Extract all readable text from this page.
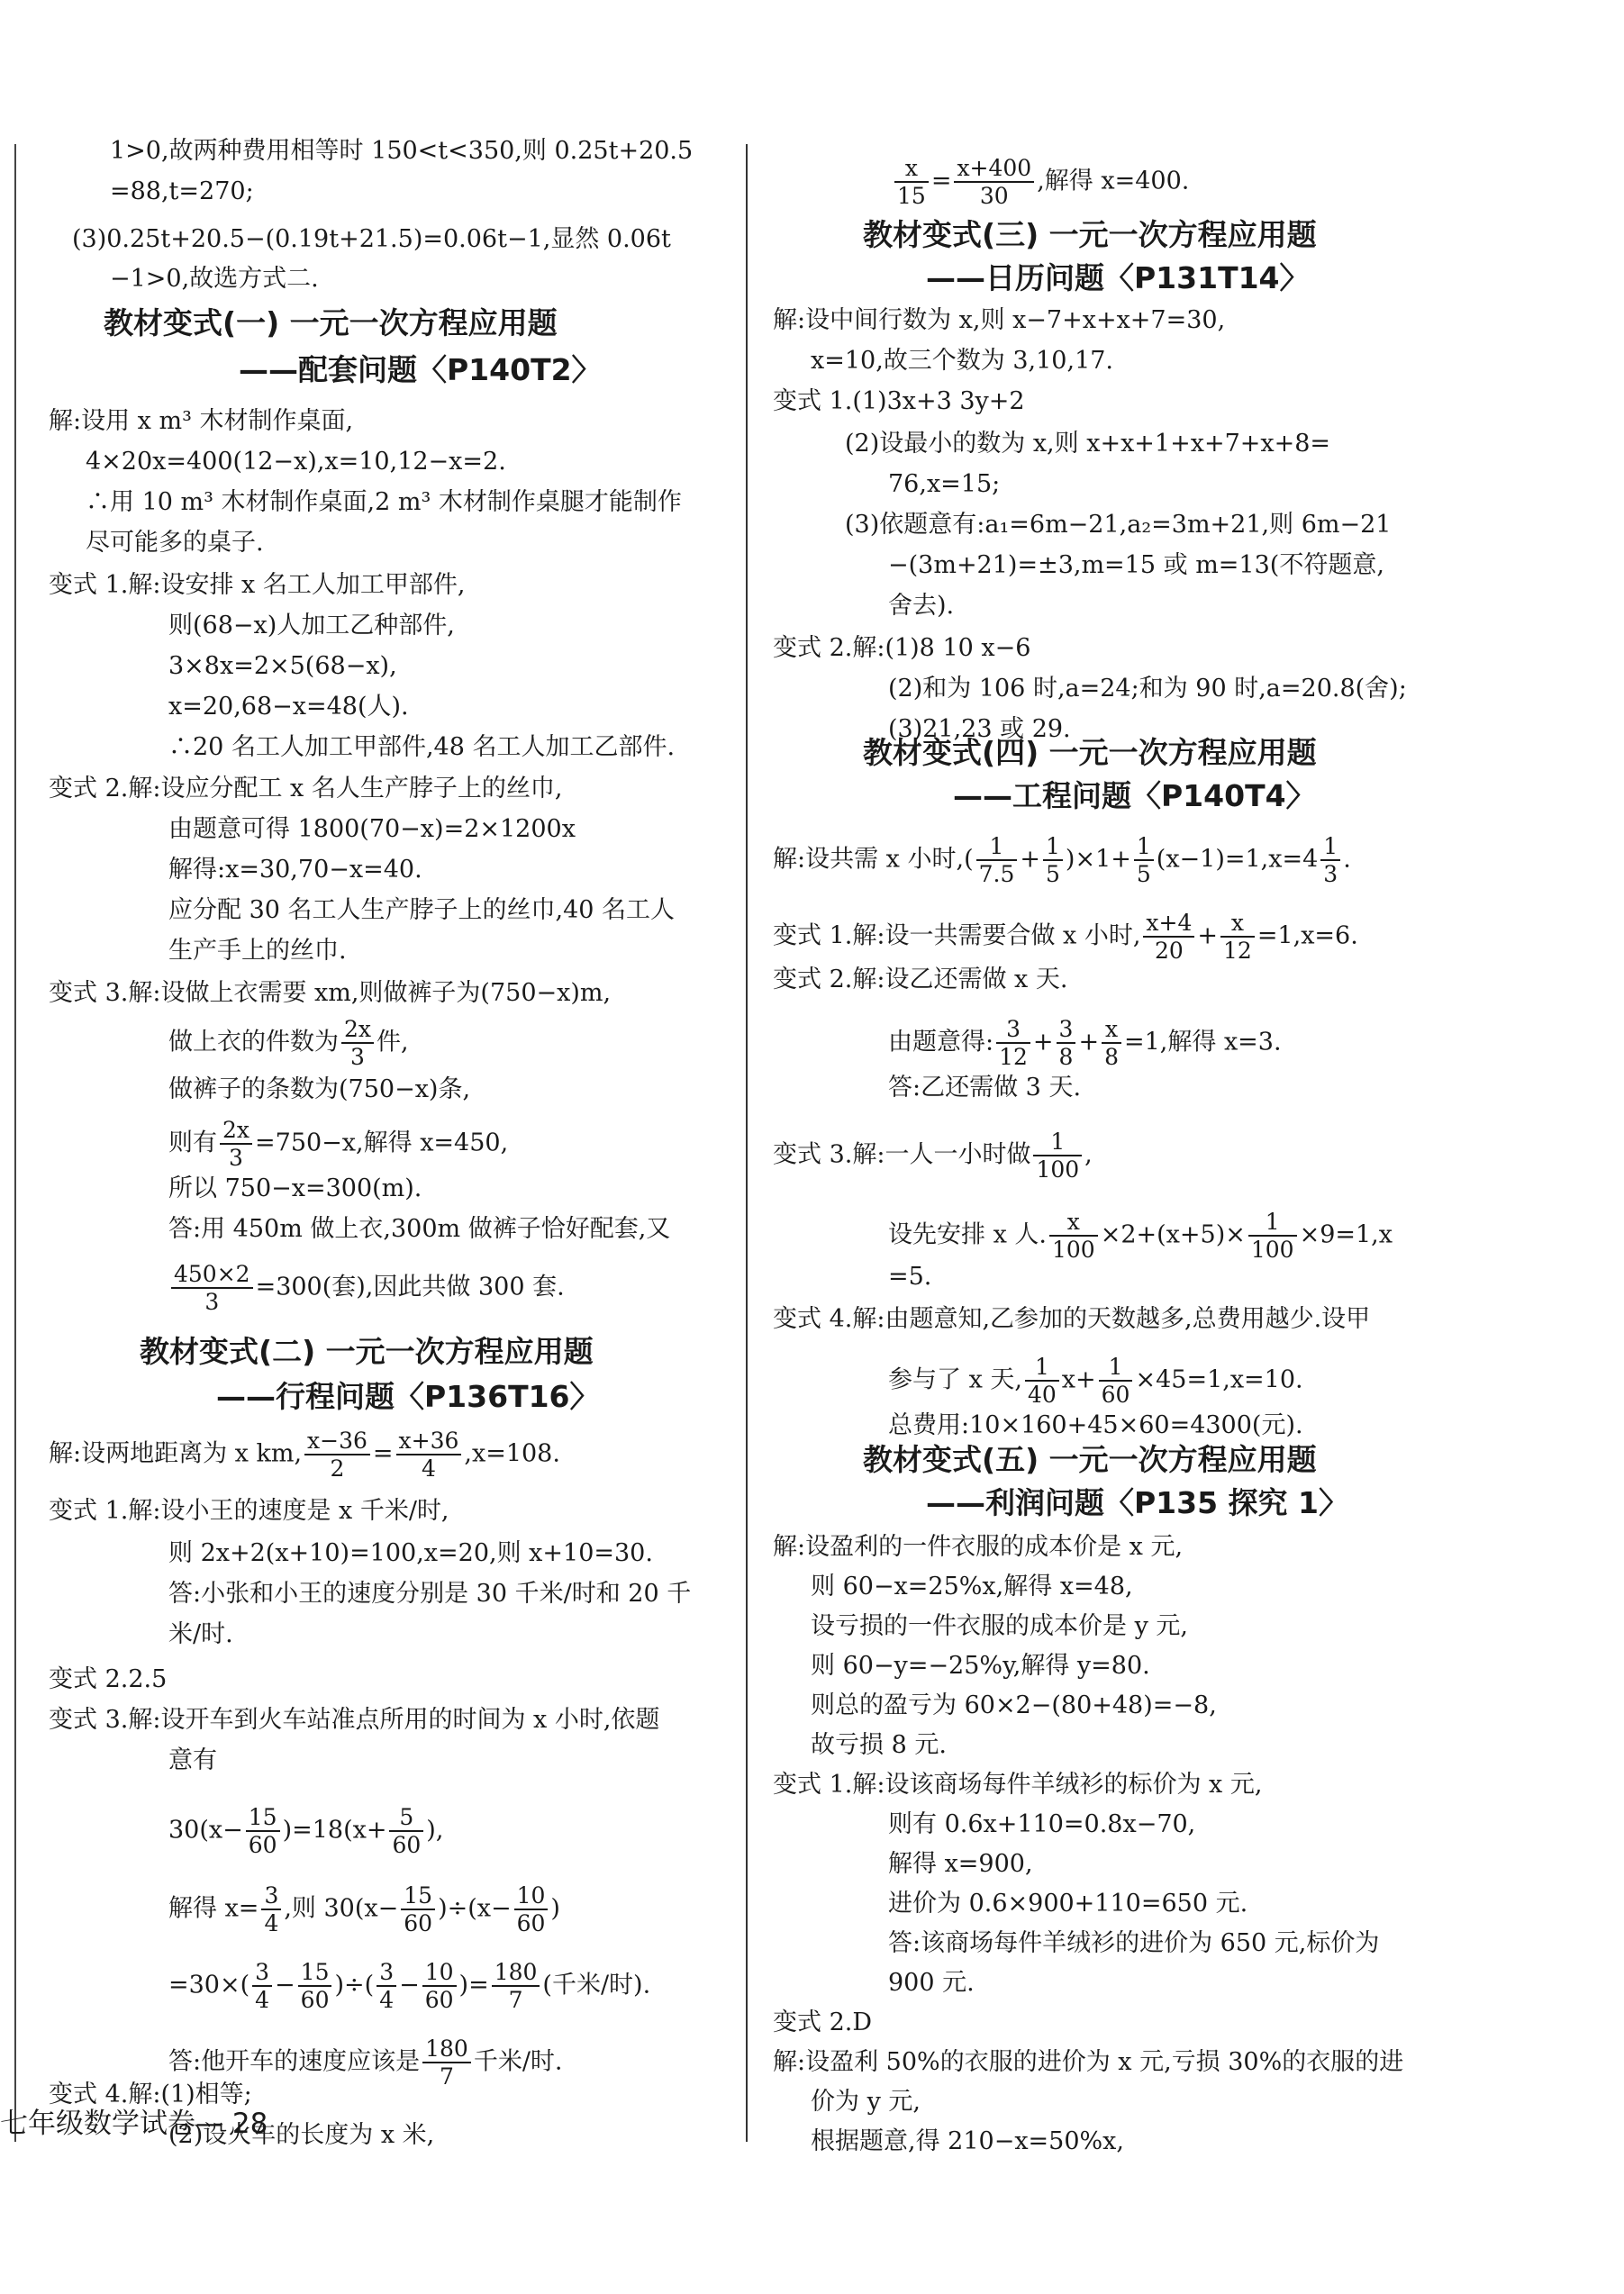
1>0,故两种费用相等时 150<t<350,则 0.25t+20.5
=88,t=270;
(3)0.25t+20.5−(0.19t+21.5)=0.06t−1,显然 0.06t
−1>0,故选方式二.
教材变式(一) 一元一次方程应用题
——配套问题〈P140T2〉
解:设用 x m³ 木材制作桌面,
4×20x=400(12−x),x=10,12−x=2.
∴用 10 m³ 木材制作桌面,2 m³ 木材制作桌腿才能制作
尽可能多的桌子.
变式 1.解:设安排 x 名工人加工甲部件,
则(68−x)人加工乙种部件,
3×8x=2×5(68−x),
x=20,68−x=48(人).
∴20 名工人加工甲部件,48 名工人加工乙部件.
变式 2.解:设应分配工 x 名人生产脖子上的丝巾,
由题意可得 1800(70−x)=2×1200x
解得:x=30,70−x=40.
应分配 30 名工人生产脖子上的丝巾,40 名工人
生产手上的丝巾.
变式 3.解:设做上衣需要 xm,则做裤子为(750−x)m,
做上衣的件数为 $\frac{2x}{3}$ 件,
做裤子的条数为(750−x)条,
则有 $\frac{2x}{3} =750-x$,解得 x=450,
所以 750−x=300(m).
答:用 450m 做上衣,300m 做裤子恰好配套,又
$\frac{450\times 2}{3} =300$(套),因此共做 300 套.
教材变式(二) 一元一次方程应用题
——行程问题〈P136T16〉
解:设两地距离为 x km, $\frac{x-36}{2} = \frac{x+36}{4} ,x=108$.
变式 1.解:设小王的速度是 x 千米/时,
则 2x+2(x+10)=100,x=20,则 x+10=30.
答:小张和小王的速度分别是 30 千米/时和 20 千
米/时.
变式 2.2.5
变式 3.解:设开车到火车站准点所用的时间为 x 小时,依题
意有
$30(x- \frac{15}{60} )=18(x+ \frac{5}{60}$ ),
解得 $x= \frac{3}{4}$ ,则 $30(x- \frac{15}{60} )\div(x- \frac{10}{60}$ )
$=30\times( \frac{3}{4} - \frac{15}{60}$ )÷( $\frac{3}{4} - \frac{10}{60}$ )= $\frac{180}{7}$ (千米/时).
答:他开车的速度应该是 $\frac{180}{7}$ 千米/时.
变式 4.解:(1)相等;
(2)设火车的长度为 x 米,
$\frac{x}{15} = \frac{x+400}{30}$ ,解得 x=400.
教材变式(三) 一元一次方程应用题
——日历问题〈P131T14〉
解:设中间行数为 x,则 x−7+x+x+7=30,
x=10,故三个数为 3,10,17.
变式 1.(1)3x+3 3y+2
(2)设最小的数为 x,则 x+x+1+x+7+x+8=
76,x=15;
(3)依题意有:a₁=6m−21,a₂=3m+21,则 6m−21
−(3m+21)=±3,m=15 或 m=13(不符题意,
舍去).
变式 2.解:(1)8 10 x−6
(2)和为 106 时,a=24;和为 90 时,a=20.8(舍);
(3)21,23 或 29.
教材变式(四) 一元一次方程应用题
——工程问题〈P140T4〉
解:设共需 x 小时,( $\frac{1}{7.5} + \frac{1}{5} )\times 1+ \frac{1}{5} (x-1)=1,x=4 \frac{1}{3}$ .
变式 1.解:设一共需要合做 x 小时, $\frac{x+4}{20} + \frac{x}{12} =1,x=6$.
变式 2.解:设乙还需做 x 天.
由题意得: $\frac{3}{12} + \frac{3}{8} + \frac{x}{8} =1$,解得 x=3.
答:乙还需做 3 天.
变式 3.解:一人一小时做 $\frac{1}{100}$ ,
设先安排 x 人. $\frac{x}{100} \times 2+(x+5)\times \frac{1}{100} \times 9=1,x$
=5.
变式 4.解:由题意知,乙参加的天数越多,总费用越少.设甲
参与了 x 天, $\frac{1}{40} x+ \frac{1}{60} \times 45=1,x=10$.
总费用:10×160+45×60=4300(元).
教材变式(五) 一元一次方程应用题
——利润问题〈P135 探究 1〉
解:设盈利的一件衣服的成本价是 x 元,
则 60−x=25%x,解得 x=48,
设亏损的一件衣服的成本价是 y 元,
则 60−y=−25%y,解得 y=80.
则总的盈亏为 60×2−(80+48)=−8,
故亏损 8 元.
变式 1.解:设该商场每件羊绒衫的标价为 x 元,
则有 0.6x+110=0.8x−70,
解得 x=900,
进价为 0.6×900+110=650 元.
答:该商场每件羊绒衫的进价为 650 元,标价为
900 元.
变式 2.D
解:设盈利 50%的衣服的进价为 x 元,亏损 30%的衣服的进
价为 y 元,
根据题意,得 210−x=50%x,
七年级数学试卷— 28
